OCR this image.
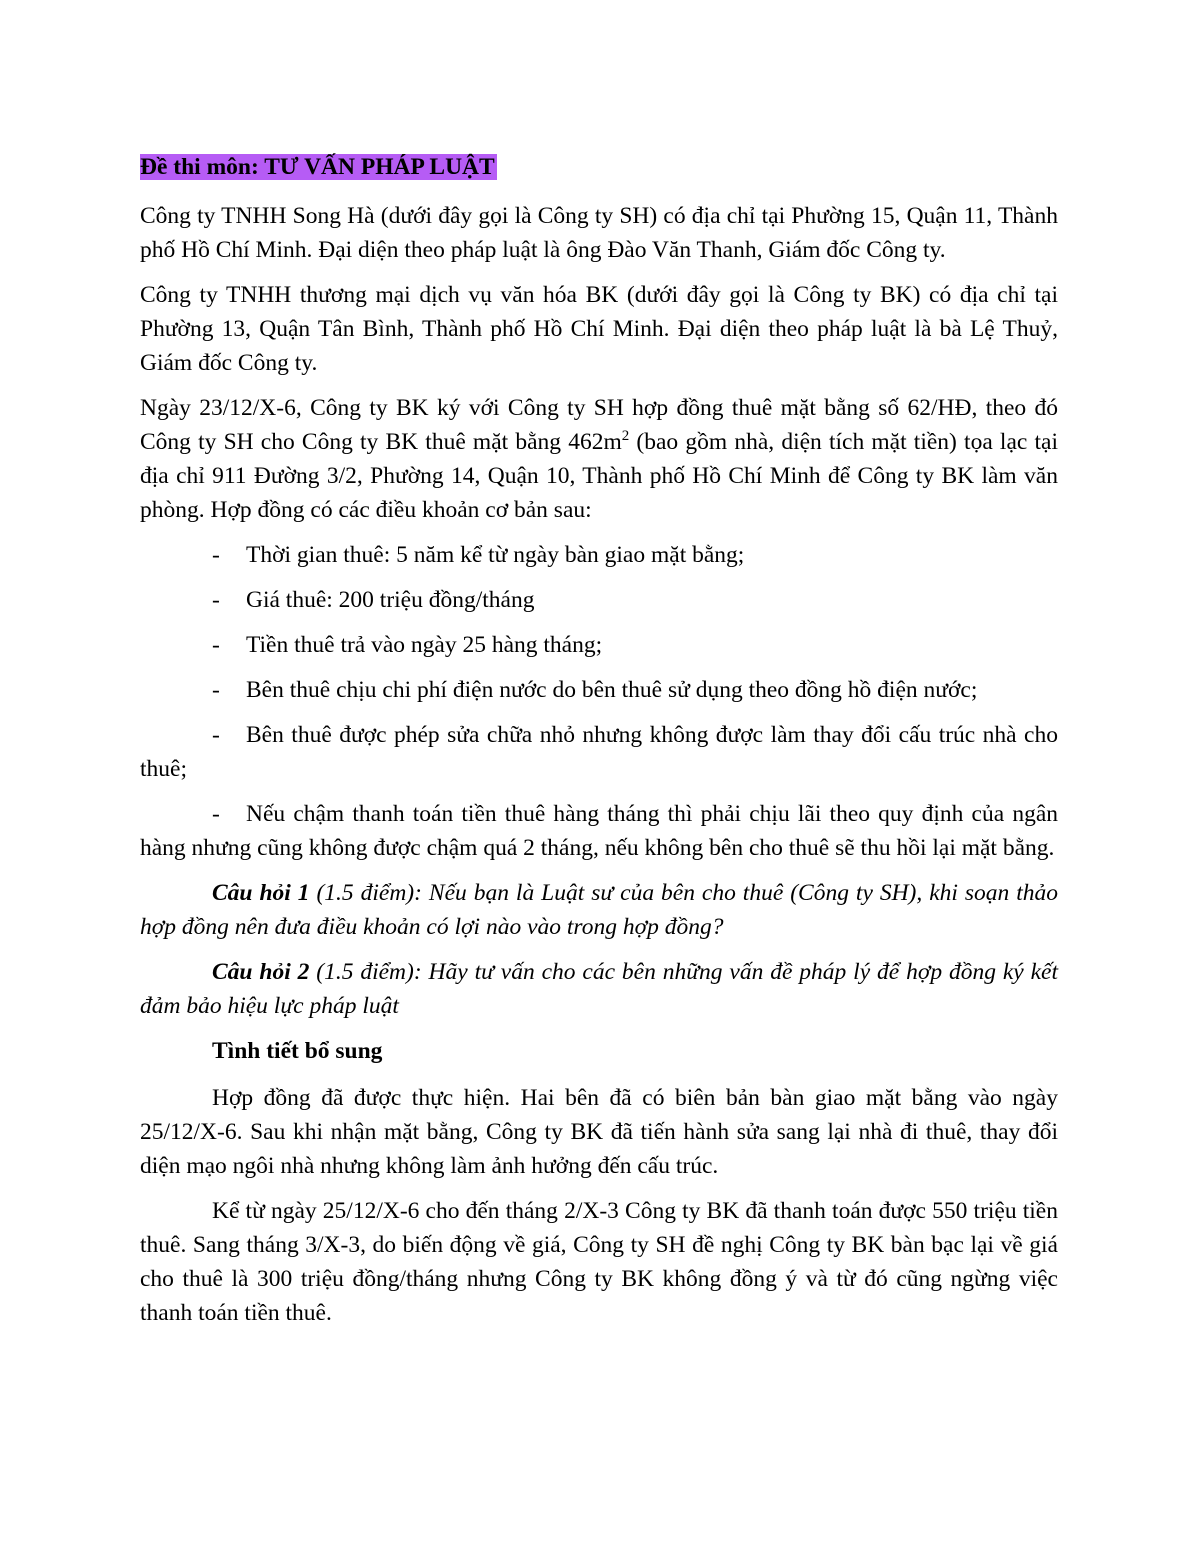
Đề thi môn: TƯ VẤN PHÁP LUẬT

Công ty TNHH Song Hà (dưới đây gọi là Công ty SH) có địa chỉ tại Phường 15, Quận 11, Thành phố Hồ Chí Minh. Đại diện theo pháp luật là ông Đào Văn Thanh, Giám đốc Công ty.

Công ty TNHH thương mại dịch vụ văn hóa BK (dưới đây gọi là Công ty BK) có địa chỉ tại Phường 13, Quận Tân Bình, Thành phố Hồ Chí Minh. Đại diện theo pháp luật là bà Lệ Thuỷ, Giám đốc Công ty.

Ngày 23/12/X-6, Công ty BK ký với Công ty SH hợp đồng thuê mặt bằng số 62/HĐ, theo đó Công ty SH cho Công ty BK thuê mặt bằng $462m^2$ (bao gồm nhà, diện tích mặt tiền) tọa lạc tại địa chỉ 911 Đường 3/2, Phường 14, Quận 10, Thành phố Hồ Chí Minh để Công ty BK làm văn phòng. Hợp đồng có các điều khoản cơ bản sau:

- Thời gian thuê: 5 năm kể từ ngày bàn giao mặt bằng;

- Giá thuê: 200 triệu đồng/tháng

- Tiền thuê trả vào ngày 25 hàng tháng;

- Bên thuê chịu chi phí điện nước do bên thuê sử dụng theo đồng hồ điện nước;

- Bên thuê được phép sửa chữa nhỏ nhưng không được làm thay đổi cấu trúc nhà cho thuê;

- Nếu chậm thanh toán tiền thuê hàng tháng thì phải chịu lãi theo quy định của ngân hàng nhưng cũng không được chậm quá 2 tháng, nếu không bên cho thuê sẽ thu hồi lại mặt bằng.

Câu hỏi 1 (1.5 điểm): Nếu bạn là Luật sư của bên cho thuê (Công ty SH), khi soạn thảo hợp đồng nên đưa điều khoản có lợi nào vào trong hợp đồng?

Câu hỏi 2 (1.5 điểm): Hãy tư vấn cho các bên những vấn đề pháp lý để hợp đồng ký kết đảm bảo hiệu lực pháp luật

Tình tiết bổ sung

Hợp đồng đã được thực hiện. Hai bên đã có biên bản bàn giao mặt bằng vào ngày 25/12/X-6. Sau khi nhận mặt bằng, Công ty BK đã tiến hành sửa sang lại nhà đi thuê, thay đổi diện mạo ngôi nhà nhưng không làm ảnh hưởng đến cấu trúc.

Kể từ ngày 25/12/X-6 cho đến tháng 2/X-3 Công ty BK đã thanh toán được 550 triệu tiền thuê. Sang tháng 3/X-3, do biến động về giá, Công ty SH đề nghị Công ty BK bàn bạc lại về giá cho thuê là 300 triệu đồng/tháng nhưng Công ty BK không đồng ý và từ đó cũng ngừng việc thanh toán tiền thuê.
